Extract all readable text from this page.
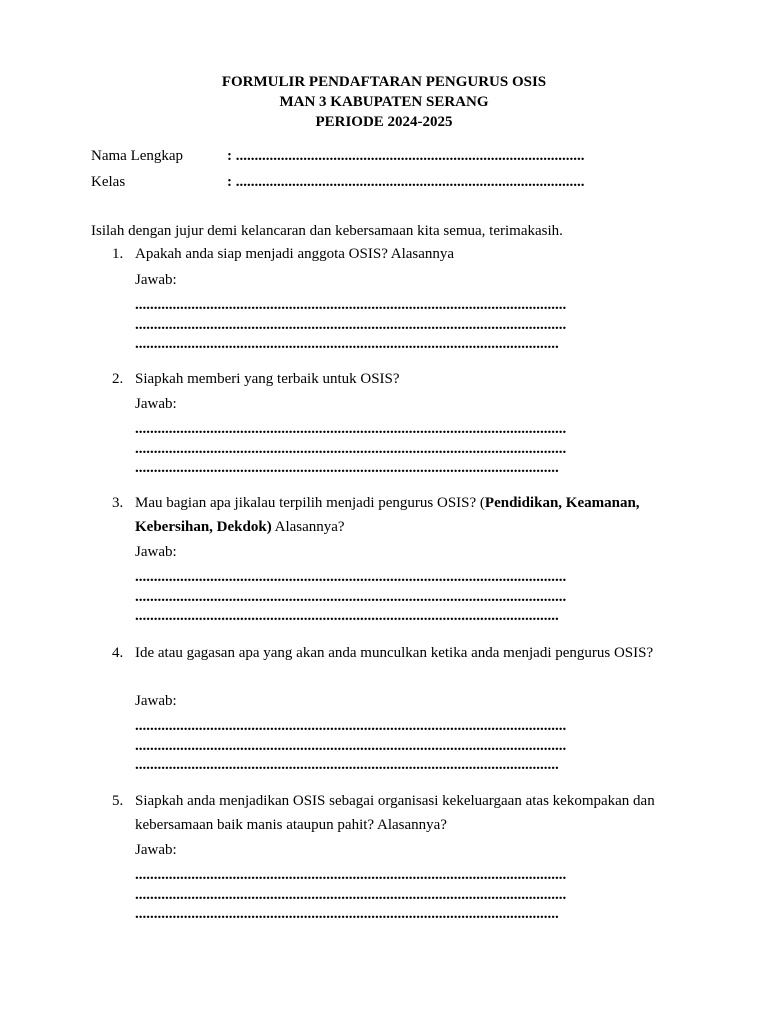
FORMULIR PENDAFTARAN PENGURUS OSIS
MAN 3 KABUPATEN SERANG
PERIODE 2024-2025
Nama Lengkap	: .............................................................................................
Kelas	: .............................................................................................
Isilah dengan jujur demi kelancaran dan kebersamaan kita semua, terimakasih.
1. Apakah anda siap menjadi anggota OSIS? Alasannya
Jawab:
...................................................................................................................
...................................................................................................................
.................................................................................................................
2. Siapkah memberi yang terbaik untuk OSIS?
Jawab:
...................................................................................................................
...................................................................................................................
.................................................................................................................
3. Mau bagian apa jikalau terpilih menjadi pengurus OSIS? (Pendidikan, Keamanan, Kebersihan, Dekdok) Alasannya?
Jawab:
...................................................................................................................
...................................................................................................................
.................................................................................................................
4. Ide atau gagasan apa yang akan anda munculkan ketika anda menjadi pengurus OSIS?
Jawab:
...................................................................................................................
...................................................................................................................
.................................................................................................................
5. Siapkah anda menjadikan OSIS sebagai organisasi kekeluargaan atas kekompakan dan kebersamaan baik manis ataupun pahit? Alasannya?
Jawab:
...................................................................................................................
...................................................................................................................
.................................................................................................................
